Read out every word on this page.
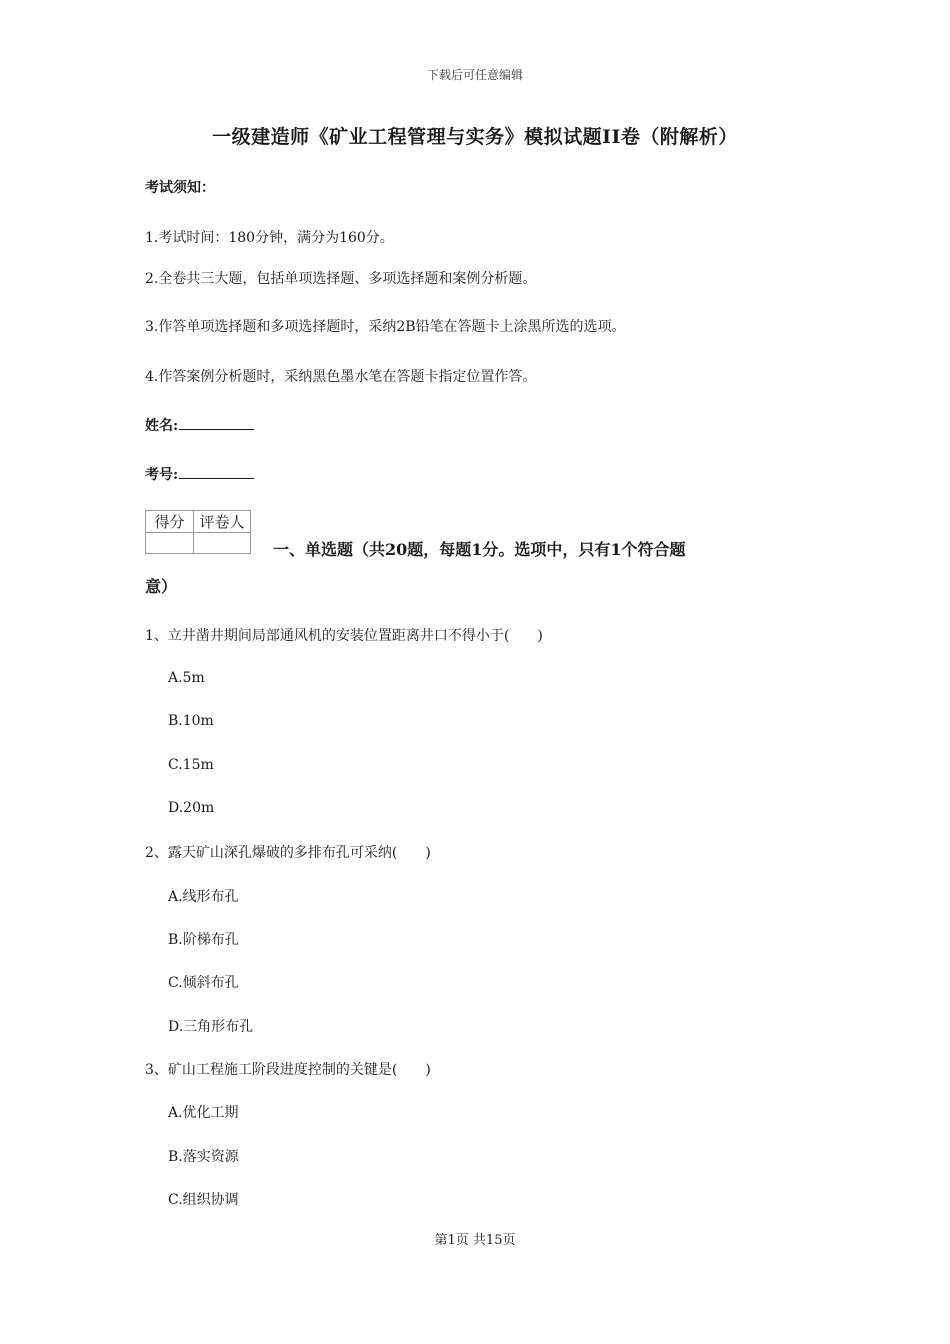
下载后可任意编辑
一级建造师《矿业工程管理与实务》模拟试题II卷（附解析）
考试须知：
1.考试时间：180分钟，满分为160分。
2.全卷共三大题，包括单项选择题、多项选择题和案例分析题。
3.作答单项选择题和多项选择题时，采纳2B铅笔在答题卡上涂黑所选的选项。
4.作答案例分析题时，采纳黑色墨水笔在答题卡指定位置作答。
姓名:
考号:
得分	评卷人

一、单选题（共20题，每题1分。选项中，只有1个符合题
意）
1、立井凿井期间局部通风机的安装位置距离井口不得小于(　　)
A.5m
B.10m
C.15m
D.20m
2、露天矿山深孔爆破的多排布孔可采纳(　　)
A.线形布孔
B.阶梯布孔
C.倾斜布孔
D.三角形布孔
3、矿山工程施工阶段进度控制的关键是(　　)
A.优化工期
B.落实资源
C.组织协调
第1页 共15页
